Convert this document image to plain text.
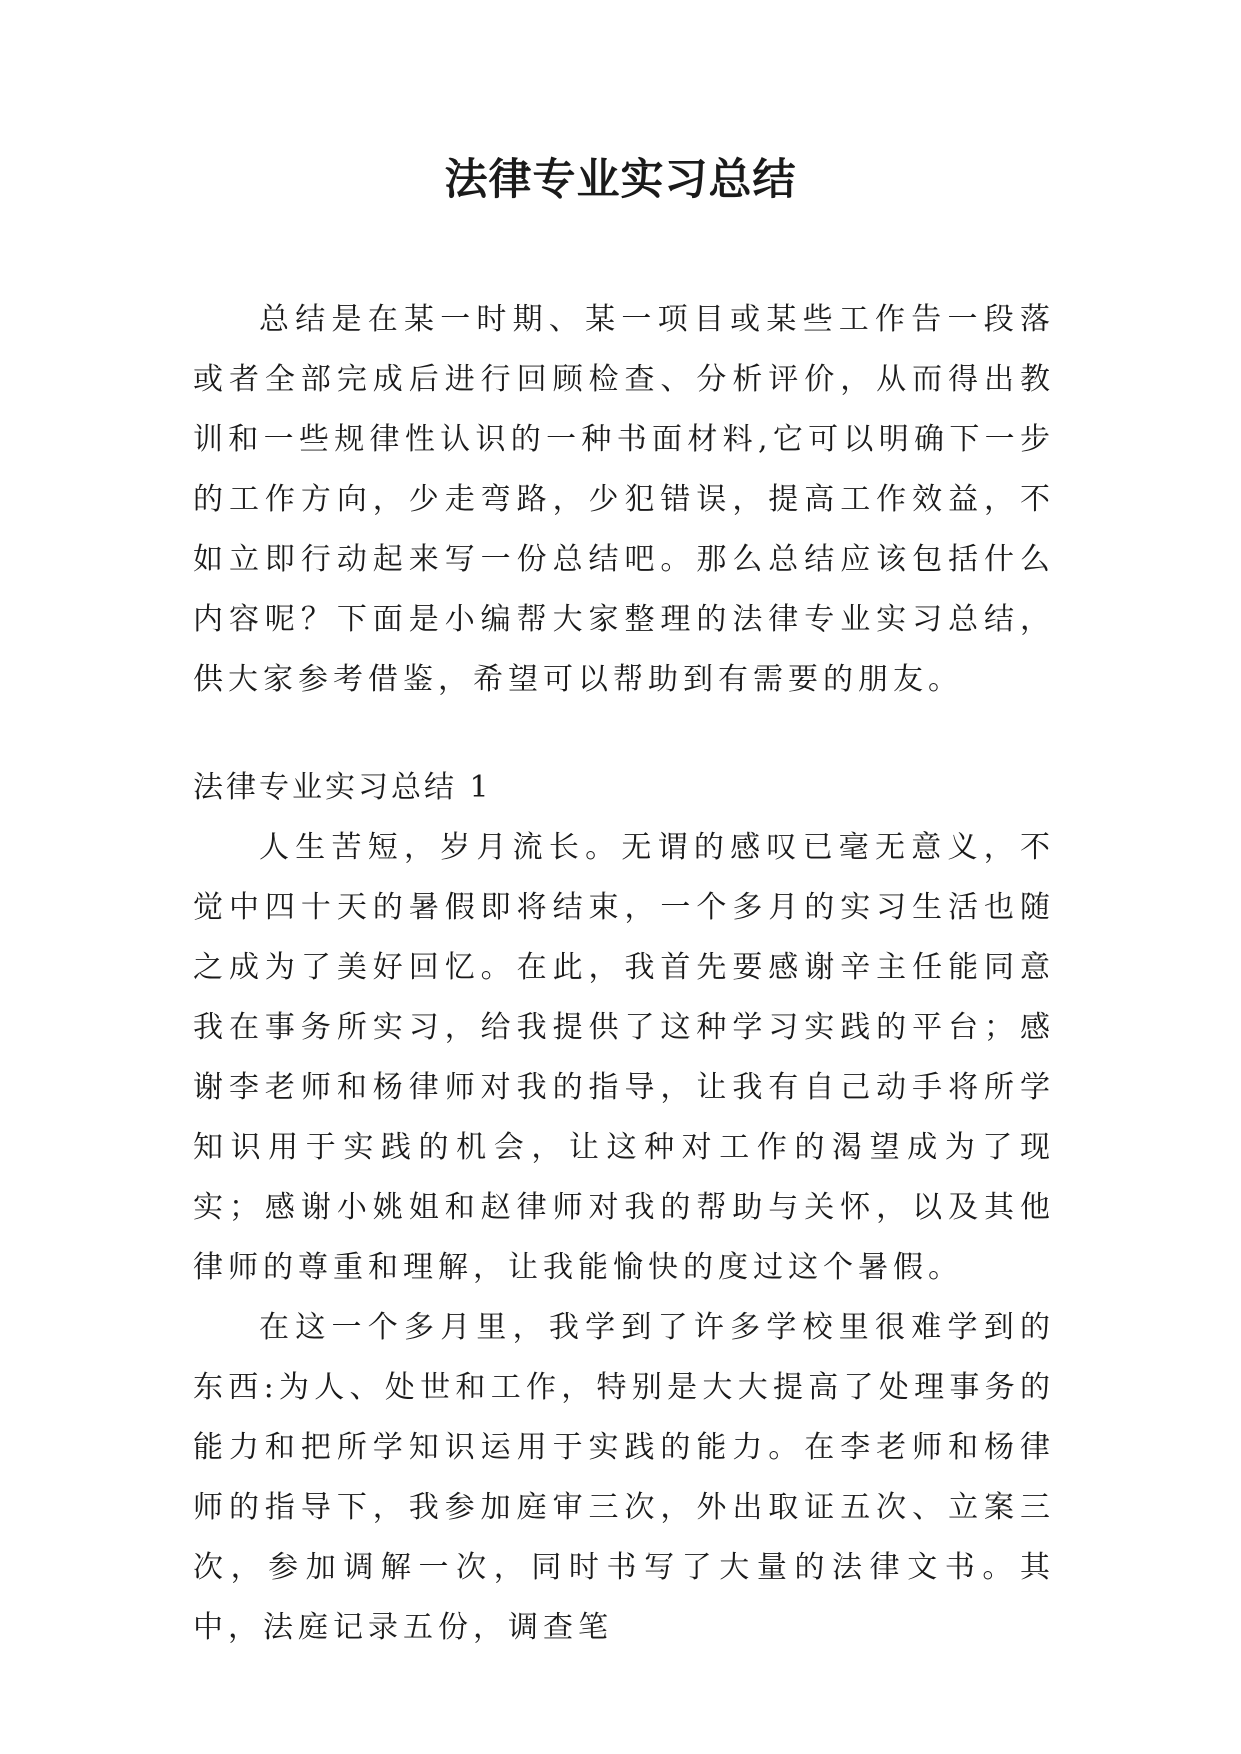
法律专业实习总结

总结是在某一时期、某一项目或某些工作告一段落或者全部完成后进行回顾检查、分析评价，从而得出教训和一些规律性认识的一种书面材料,它可以明确下一步的工作方向，少走弯路，少犯错误，提高工作效益，不如立即行动起来写一份总结吧。那么总结应该包括什么内容呢？下面是小编帮大家整理的法律专业实习总结，供大家参考借鉴，希望可以帮助到有需要的朋友。

法律专业实习总结 1

人生苦短，岁月流长。无谓的感叹已毫无意义，不觉中四十天的暑假即将结束，一个多月的实习生活也随之成为了美好回忆。在此，我首先要感谢辛主任能同意我在事务所实习，给我提供了这种学习实践的平台；感谢李老师和杨律师对我的指导，让我有自己动手将所学知识用于实践的机会，让这种对工作的渴望成为了现实；感谢小姚姐和赵律师对我的帮助与关怀，以及其他律师的尊重和理解，让我能愉快的度过这个暑假。

在这一个多月里，我学到了许多学校里很难学到的东西:为人、处世和工作，特别是大大提高了处理事务的能力和把所学知识运用于实践的能力。在李老师和杨律师的指导下，我参加庭审三次，外出取证五次、立案三次，参加调解一次，同时书写了大量的法律文书。其中，法庭记录五份，调查笔
